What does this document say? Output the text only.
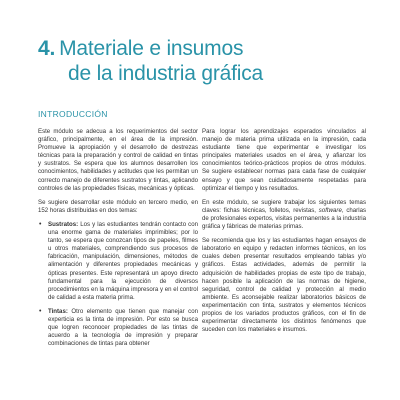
4. Materiale e insumos
de la industria gráfica
INTRODUCCIÓN

Este módulo se adecua a los requerimientos del sector gráfico, principalmente, en el área de la impresión. Promueve la apropiación y el desarrollo de destrezas técnicas para la preparación y control de calidad en tintas y sustratos. Se espera que los alumnos desarrollen los conocimientos, habilidades y actitudes que les permitan un correcto manejo de diferentes sustratos y tintas, aplicando controles de las propiedades físicas, mecánicas y ópticas.

Se sugiere desarrollar este módulo en tercero medio, en 152 horas distribuidas en dos temas:

• Sustratos: Los y las estudiantes tendrán contacto con una enorme gama de materiales imprimibles; por lo tanto, se espera que conozcan tipos de papeles, filmes u otros materiales, comprendiendo sus procesos de fabricación, manipulación, dimensiones, métodos de alimentación y diferentes propiedades mecánicas y ópticas presentes. Este representará un apoyo directo fundamental para la ejecución de diversos procedimientos en la máquina impresora y en el control de calidad a esta materia prima.
• Tintas: Otro elemento que tienen que manejar con experticia es la tinta de impresión. Por esto se busca que logren reconocer propiedades de las tintas de acuerdo a la tecnología de impresión y preparar combinaciones de tintas para obtener

Para lograr los aprendizajes esperados vinculados al manejo de materia prima utilizada en la impresión, cada estudiante tiene que experimentar e investigar los principales materiales usados en el área, y afianzar los conocimientos teórico-prácticos propios de otros módulos. Se sugiere establecer normas para cada fase de cualquier ensayo y que sean cuidadosamente respetadas para optimizar el tiempo y los resultados.

En este módulo, se sugiere trabajar los siguientes temas claves: fichas técnicas, folletos, revistas, software, charlas de profesionales expertos, visitas permanentes a la industria gráfica y fábricas de materias primas.

Se recomienda que los y las estudiantes hagan ensayos de laboratorio en equipo y redacten informes técnicos, en los cuales deben presentar resultados empleando tablas y/o gráficos. Estas actividades, además de permitir la adquisición de habilidades propias de este tipo de trabajo, hacen posible la aplicación de las normas de higiene, seguridad, control de calidad y protección al medio ambiente. Es aconsejable realizar laboratorios básicos de experimentación con tinta, sustratos y elementos técnicos propios de los variados productos gráficos, con el fin de experimentar directamente los distintos fenómenos que suceden con los materiales e insumos.
